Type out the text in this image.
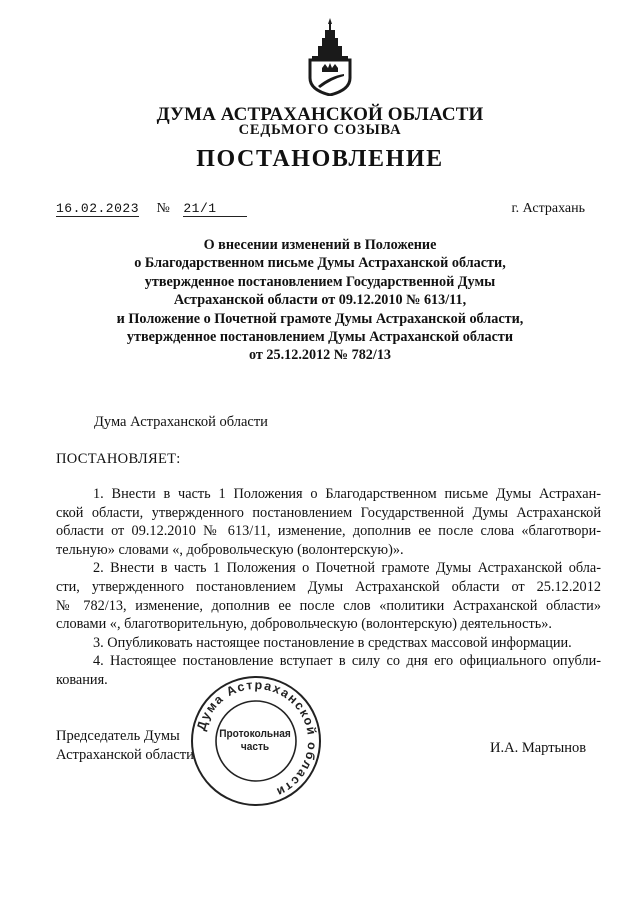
ДУМА АСТРАХАНСКОЙ ОБЛАСТИ
СЕДЬМОГО СОЗЫВА
ПОСТАНОВЛЕНИЕ
16.02.2023 № 21/1	г. Астрахань
О внесении изменений в Положение
о Благодарственном письме Думы Астраханской области,
утвержденное постановлением Государственной Думы
Астраханской области от 09.12.2010 № 613/11,
и Положение о Почетной грамоте Думы Астраханской области,
утвержденное постановлением Думы Астраханской области
от 25.12.2012 № 782/13
Дума Астраханской области
ПОСТАНОВЛЯЕТ:
1. Внести в часть 1 Положения о Благодарственном письме Думы Астрахан-
ской области, утвержденного постановлением Государственной Думы Астраханской
области от 09.12.2010 № 613/11, изменение, дополнив ее после слова «благотвори-
тельную» словами «, добровольческую (волонтерскую)».
2. Внести в часть 1 Положения о Почетной грамоте Думы Астраханской обла-
сти, утвержденного постановлением Думы Астраханской области от 25.12.2012
№ 782/13, изменение, дополнив ее после слов «политики Астраханской области»
словами «, благотворительную, добровольческую (волонтерскую) деятельность».
3. Опубликовать настоящее постановление в средствах массовой информации.
4. Настоящее постановление вступает в силу со дня его официального опубли-
кования.
Председатель Думы
Астраханской области	И.А. Мартынов
Дума Астраханской области
Протокольная
часть
